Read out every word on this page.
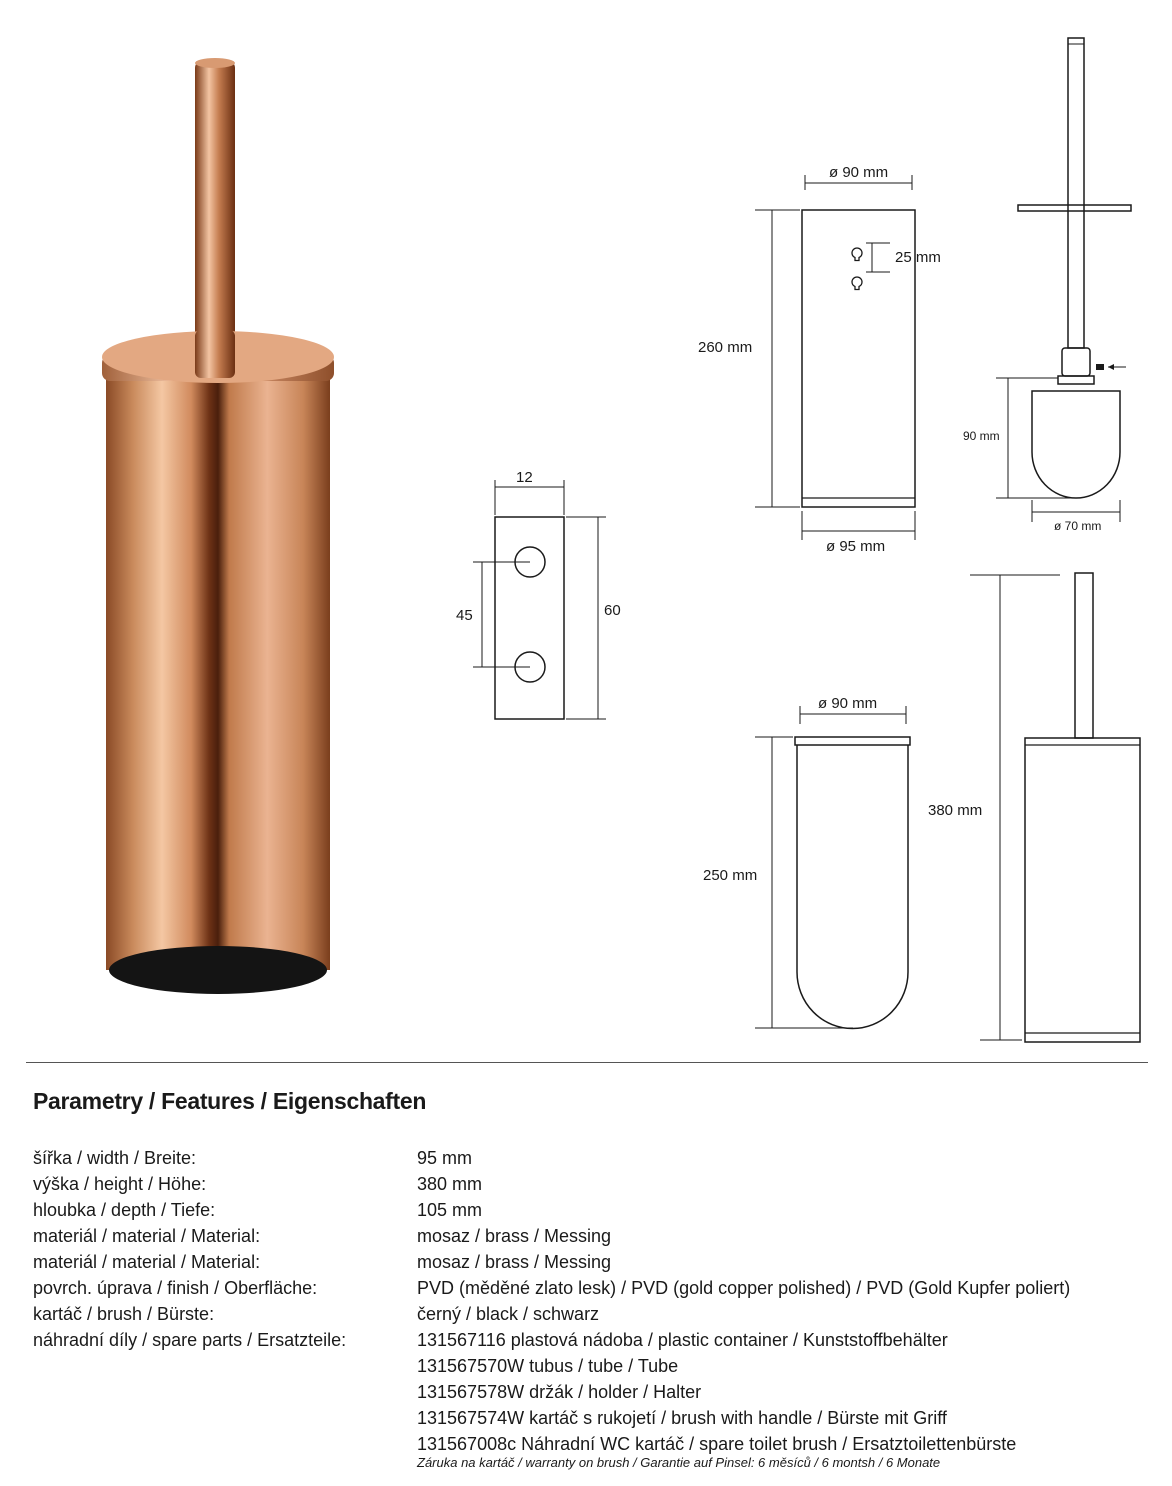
12
45	60
ø 90 mm
260 mm
25 mm
ø 95 mm
90 mm
ø 70 mm
ø 90 mm
250 mm
380 mm
Parametry / Features / Eigenschaften
šířka / width / Breite:	95 mm
výška / height / Höhe:	380 mm
hloubka / depth / Tiefe:	105 mm
materiál / material / Material:	mosaz / brass / Messing
materiál / material / Material:	mosaz / brass / Messing
povrch. úprava / finish / Oberfläche:	PVD (měděné zlato lesk) / PVD (gold copper polished) / PVD (Gold Kupfer poliert)
kartáč / brush / Bürste:	černý / black / schwarz
náhradní díly / spare parts / Ersatzteile:	131567116 plastová nádoba / plastic container / Kunststoffbehälter
131567570W tubus / tube / Tube
131567578W držák / holder / Halter
131567574W kartáč s rukojetí / brush with handle / Bürste mit Griff
131567008c Náhradní WC kartáč / spare toilet brush / Ersatztoilettenbürste
Záruka na kartáč / warranty on brush / Garantie auf Pinsel: 6 měsíců / 6 montsh / 6 Monate
